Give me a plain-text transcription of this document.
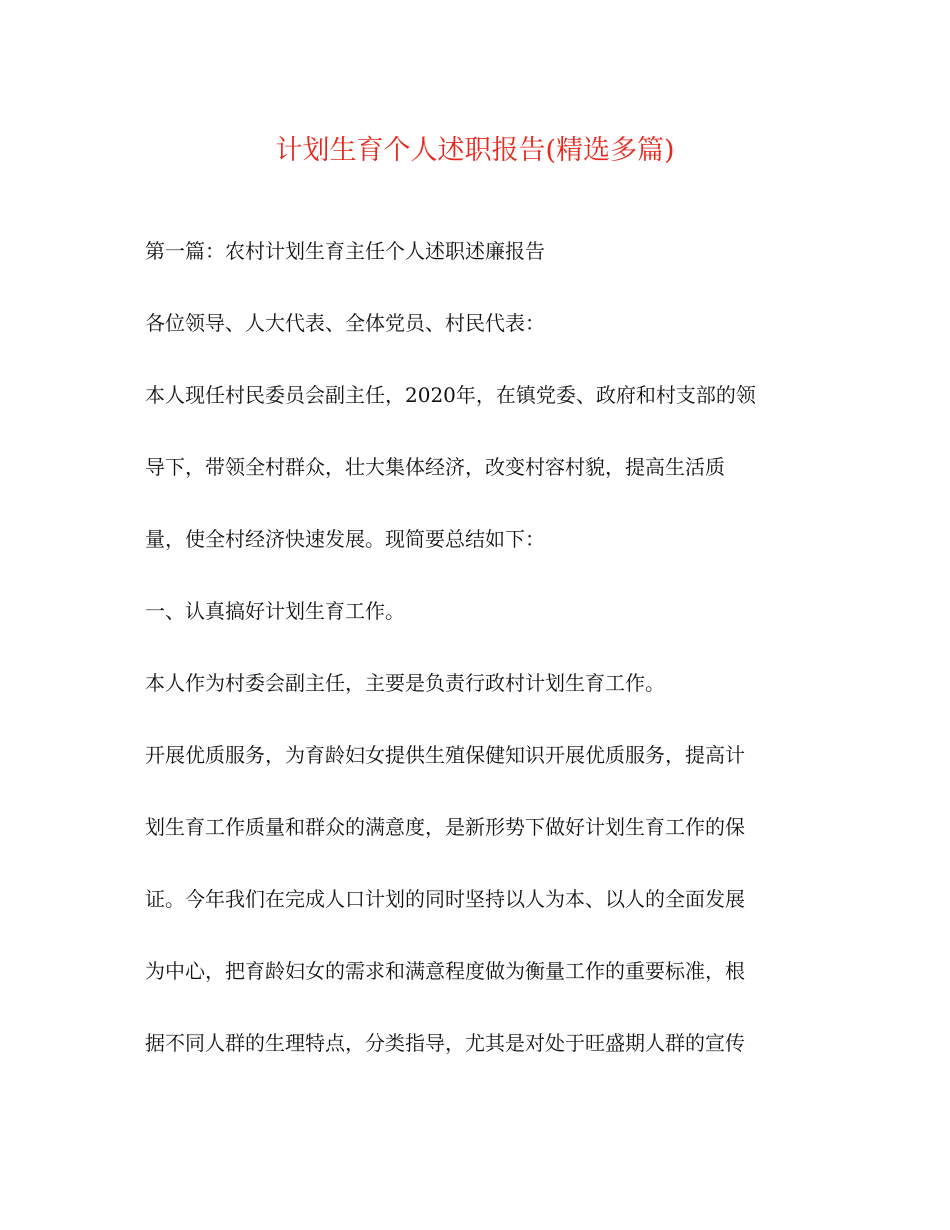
计划生育个人述职报告(精选多篇)
第一篇：农村计划生育主任个人述职述廉报告
各位领导、人大代表、全体党员、村民代表：
本人现任村民委员会副主任，2020年，在镇党委、政府和村支部的领
导下，带领全村群众，壮大集体经济，改变村容村貌，提高生活质
量，使全村经济快速发展。现简要总结如下：
一、认真搞好计划生育工作。
本人作为村委会副主任，主要是负责行政村计划生育工作。
开展优质服务，为育龄妇女提供生殖保健知识开展优质服务，提高计
划生育工作质量和群众的满意度，是新形势下做好计划生育工作的保
证。今年我们在完成人口计划的同时坚持以人为本、以人的全面发展
为中心，把育龄妇女的需求和满意程度做为衡量工作的重要标准，根
据不同人群的生理特点，分类指导，尤其是对处于旺盛期人群的宣传
